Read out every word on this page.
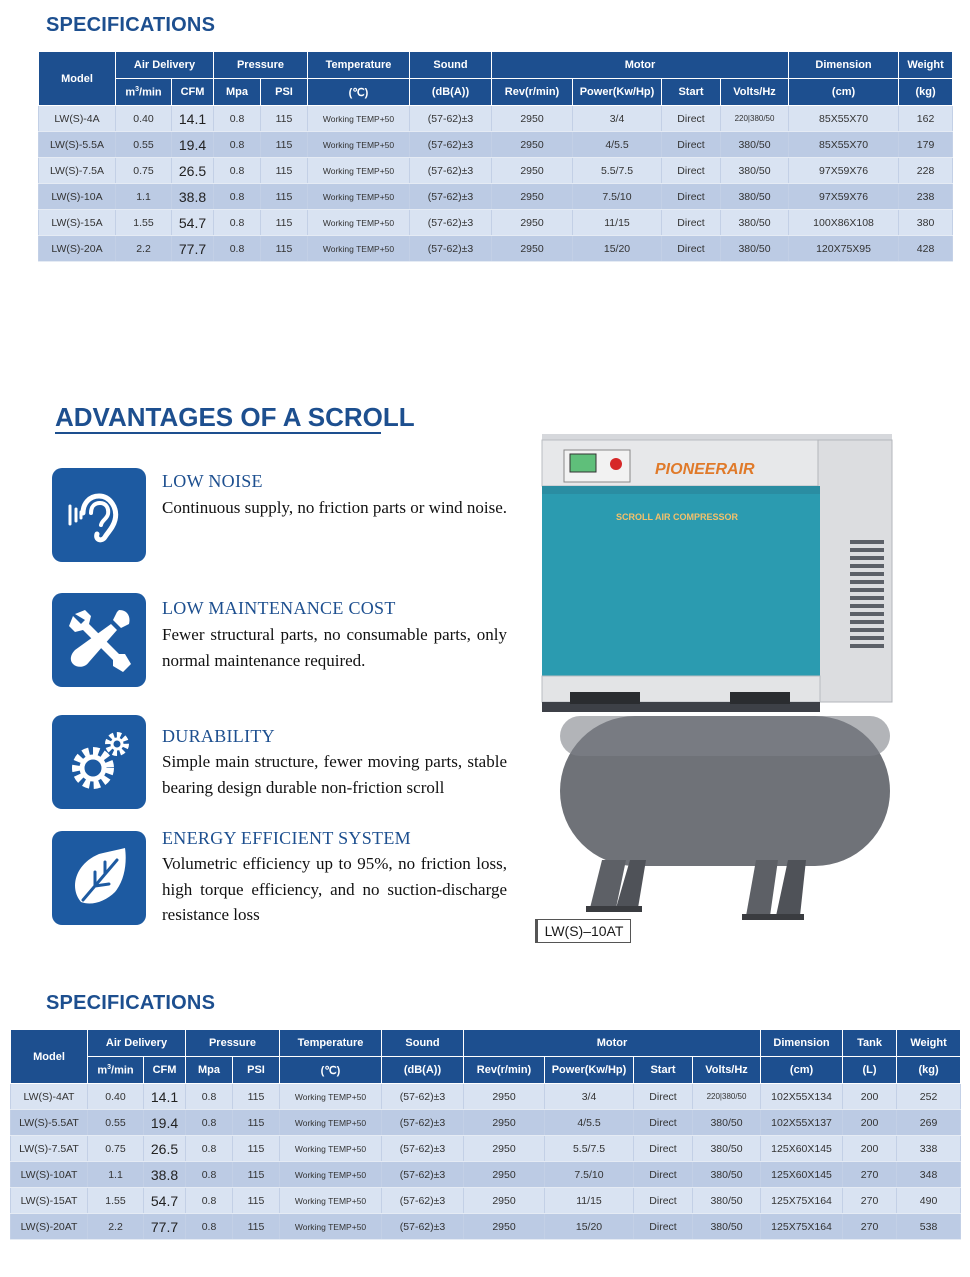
SPECIFICATIONS
Model	Air Delivery		Pressure		Temperature	Sound	Motor				Dimension	Weight
	$m^3/\min$	CFM	Mpa	PSI	(℃)	(dB(A))	Rev(r/min)	Power(Kw/Hp)	Start	Volts/Hz	(cm)	(kg)
LW(S)-4A	0.40	14.1	0.8	115	Working TEMP+50	(57-62)±3	2950	3/4	Direct	220|380/50	85X55X70	162
LW(S)-5.5A	0.55	19.4	0.8	115	Working TEMP+50	(57-62)±3	2950	4/5.5	Direct	380/50	85X55X70	179
LW(S)-7.5A	0.75	26.5	0.8	115	Working TEMP+50	(57-62)±3	2950	5.5/7.5	Direct	380/50	97X59X76	228
LW(S)-10A	1.1	38.8	0.8	115	Working TEMP+50	(57-62)±3	2950	7.5/10	Direct	380/50	97X59X76	238
LW(S)-15A	1.55	54.7	0.8	115	Working TEMP+50	(57-62)±3	2950	11/15	Direct	380/50	100X86X108	380
LW(S)-20A	2.2	77.7	0.8	115	Working TEMP+50	(57-62)±3	2950	15/20	Direct	380/50	120X75X95	428
ADVANTAGES OF A SCROLL
LOW NOISE
Continuous supply, no friction parts or wind noise.
LOW MAINTENANCE COST
Fewer structural parts, no consumable parts, only normal maintenance required.
DURABILITY
Simple main structure, fewer moving parts, stable bearing design durable non-friction scroll
ENERGY EFFICIENT SYSTEM
Volumetric efficiency up to 95%, no friction loss, high torque efficiency, and no suction-discharge resistance loss
PIONEERAIR
SCROLL AIR COMPRESSOR
LW(S)–10AT
SPECIFICATIONS
Model	Air Delivery		Pressure		Temperature	Sound	Motor				Dimension	Tank	Weight
	$m^3/\min$	CFM	Mpa	PSI	(℃)	(dB(A))	Rev(r/min)	Power(Kw/Hp)	Start	Volts/Hz	(cm)	(L)	(kg)
LW(S)-4AT	0.40	14.1	0.8	115	Working TEMP+50	(57-62)±3	2950	3/4	Direct	220|380/50	102X55X134	200	252
LW(S)-5.5AT	0.55	19.4	0.8	115	Working TEMP+50	(57-62)±3	2950	4/5.5	Direct	380/50	102X55X137	200	269
LW(S)-7.5AT	0.75	26.5	0.8	115	Working TEMP+50	(57-62)±3	2950	5.5/7.5	Direct	380/50	125X60X145	200	338
LW(S)-10AT	1.1	38.8	0.8	115	Working TEMP+50	(57-62)±3	2950	7.5/10	Direct	380/50	125X60X145	270	348
LW(S)-15AT	1.55	54.7	0.8	115	Working TEMP+50	(57-62)±3	2950	11/15	Direct	380/50	125X75X164	270	490
LW(S)-20AT	2.2	77.7	0.8	115	Working TEMP+50	(57-62)±3	2950	15/20	Direct	380/50	125X75X164	270	538
